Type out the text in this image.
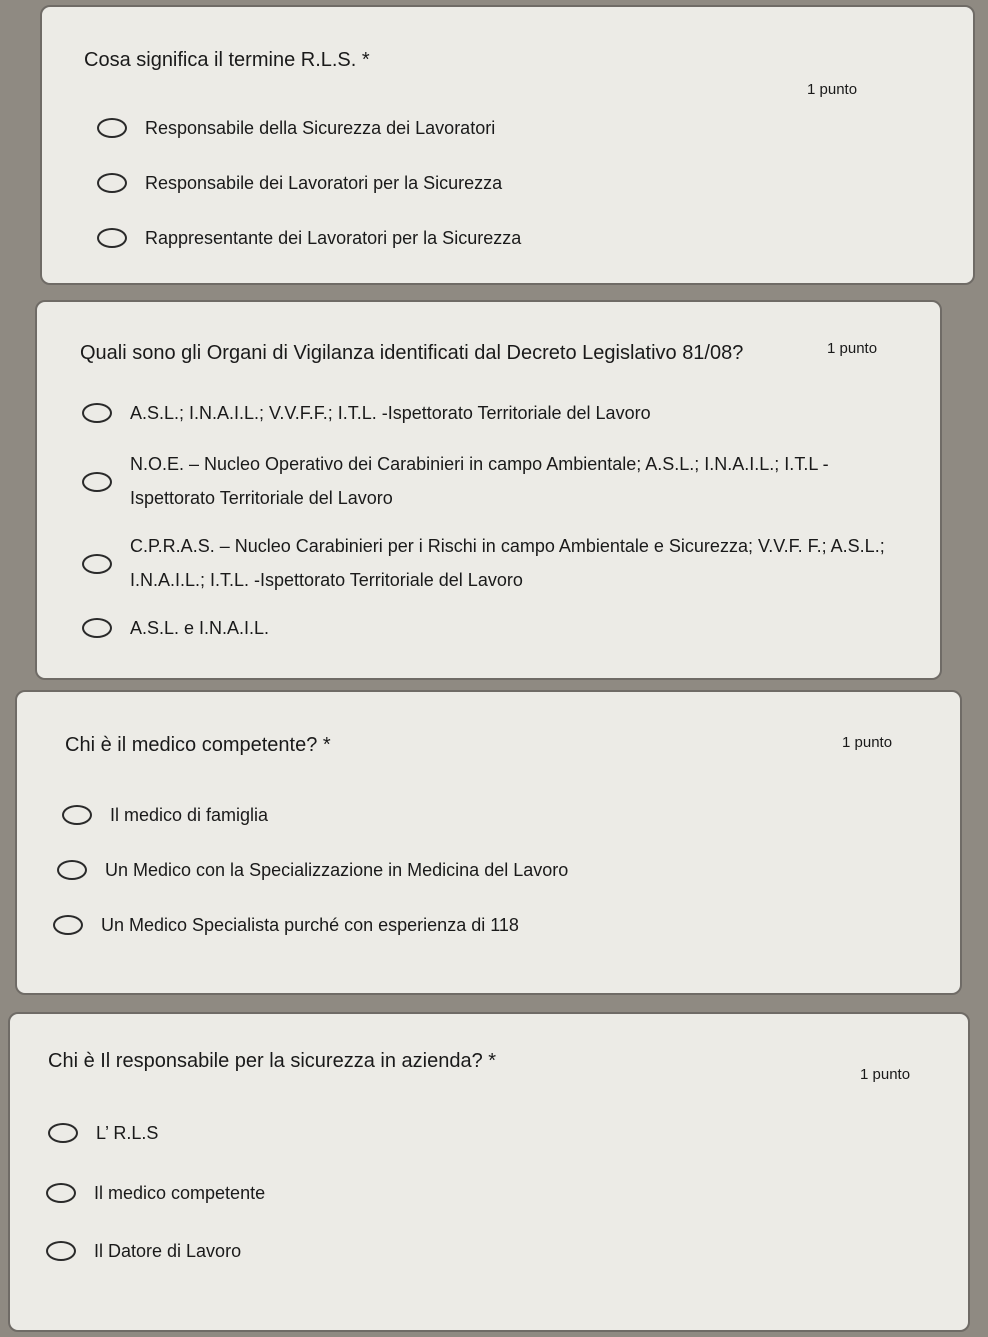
Cosa significa il termine R.L.S. *
1 punto
Responsabile della Sicurezza dei Lavoratori
Responsabile dei Lavoratori per la Sicurezza
Rappresentante dei Lavoratori per la Sicurezza
Quali sono gli Organi di Vigilanza identificati dal Decreto Legislativo 81/08?	1 punto
A.S.L.; I.N.A.I.L.; V.V.F.F.; I.T.L. -Ispettorato Territoriale del Lavoro
N.O.E. – Nucleo Operativo dei Carabinieri in campo Ambientale; A.S.L.; I.N.A.I.L.; I.T.L -Ispettorato Territoriale del Lavoro
C.P.R.A.S. – Nucleo Carabinieri per i Rischi in campo Ambientale e Sicurezza; V.V.F. F.; A.S.L.; I.N.A.I.L.; I.T.L. -Ispettorato Territoriale del Lavoro
A.S.L. e I.N.A.I.L.
Chi è il medico competente? *	1 punto
Il medico di famiglia
Un Medico con la Specializzazione in Medicina del Lavoro
Un Medico Specialista purché con esperienza di 118
Chi è Il responsabile per la sicurezza in azienda? *
1 punto
L’ R.L.S
Il medico competente
Il Datore di Lavoro
